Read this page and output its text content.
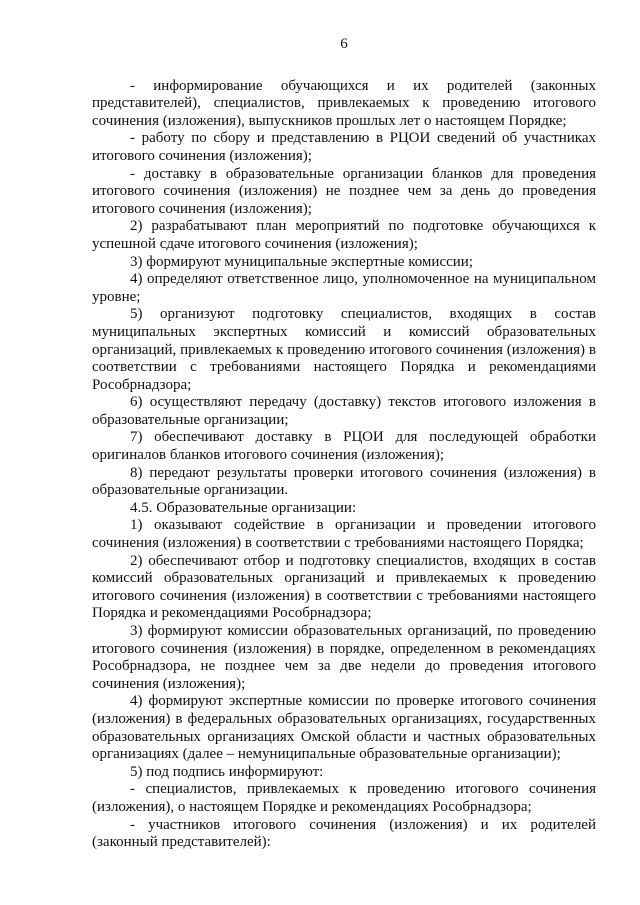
6

- информирование обучающихся и их родителей (законных представителей), специалистов, привлекаемых к проведению итогового сочинения (изложения), выпускников прошлых лет о настоящем Порядке;

- работу по сбору и представлению в РЦОИ сведений об участниках итогового сочинения (изложения);

- доставку в образовательные организации бланков для проведения итогового сочинения (изложения) не позднее чем за день до проведения итогового сочинения (изложения);

2) разрабатывают план мероприятий по подготовке обучающихся к успешной сдаче итогового сочинения (изложения);

3) формируют муниципальные экспертные комиссии;

4) определяют ответственное лицо, уполномоченное на муниципальном уровне;

5) организуют подготовку специалистов, входящих в состав муниципальных экспертных комиссий и комиссий образовательных организаций, привлекаемых к проведению итогового сочинения (изложения) в соответствии с требованиями настоящего Порядка и рекомендациями Рособрнадзора;

6) осуществляют передачу (доставку) текстов итогового изложения в образовательные организации;

7) обеспечивают доставку в РЦОИ для последующей обработки оригиналов бланков итогового сочинения (изложения);

8) передают результаты проверки итогового сочинения (изложения) в образовательные организации.

4.5. Образовательные организации:

1) оказывают содействие в организации и проведении итогового сочинения (изложения) в соответствии с требованиями настоящего Порядка;

2) обеспечивают отбор и подготовку специалистов, входящих в состав комиссий образовательных организаций и привлекаемых к проведению итогового сочинения (изложения) в соответствии с требованиями настоящего Порядка и рекомендациями Рособрнадзора;

3) формируют комиссии образовательных организаций, по проведению итогового сочинения (изложения) в порядке, определенном в рекомендациях Рособрнадзора, не позднее чем за две недели до проведения итогового сочинения (изложения);

4) формируют экспертные комиссии по проверке итогового сочинения (изложения) в федеральных образовательных организациях, государственных образовательных организациях Омской области и частных образовательных организациях (далее – немуниципальные образовательные организации);

5) под подпись информируют:

- специалистов, привлекаемых к проведению итогового сочинения (изложения), о настоящем Порядке и рекомендациях Рособрнадзора;

- участников итогового сочинения (изложения) и их родителей (законный представителей):
